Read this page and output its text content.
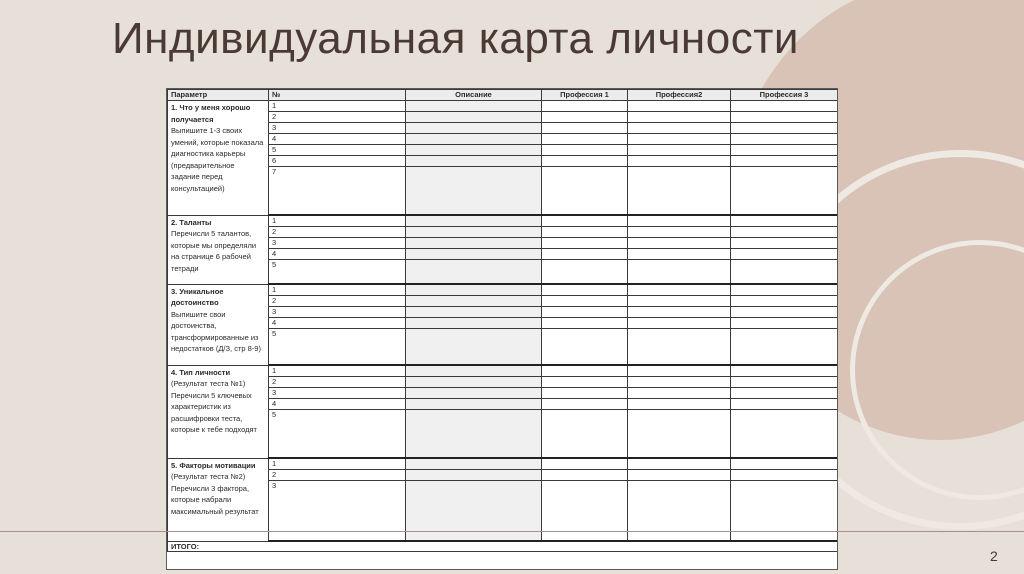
Индивидуальная карта личности
Параметр	№	Описание	Профессия 1	Профессия2	Профессия 3

1. Что у меня хорошо получается
Выпишите 1-3 своих умений, которые показала диагностика карьеры (предварительное задание перед консультацией)	1				
	2				
	3				
	4				
	5				
	6				
	7				

2. Таланты
Перечисли 5 талантов, которые мы определяли на странице 6 рабочей тетради	1				
	2				
	3				
	4				
	5				

3. Уникальное достоинство
Выпишите свои достоинства, трансформированные из недостатков (Д/З, стр 8-9)	1				
	2				
	3				
	4				
	5				

4. Тип личности
(Результат теста №1) Перечисли 5 ключевых характеристик из расшифровки теста, которые к тебе подходят	1				
	2				
	3				
	4				
	5				

5. Факторы мотивации
(Результат теста №2) Перечисли 3 фактора, которые набрали максимальный результат	1				
	2				
	3				
ИТОГО:					
2
